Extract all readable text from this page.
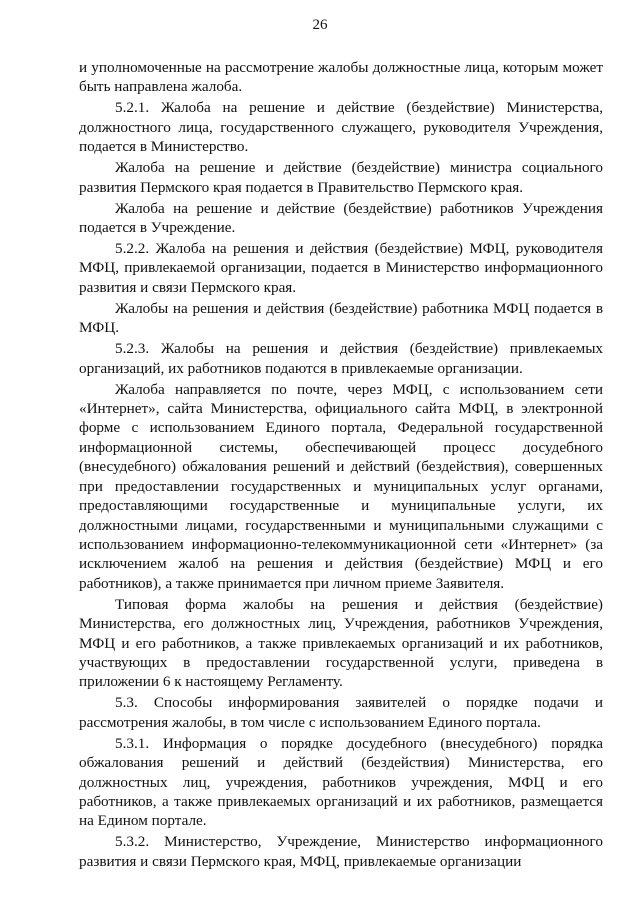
26

и уполномоченные на рассмотрение жалобы должностные лица, которым может быть направлена жалоба.

5.2.1. Жалоба на решение и действие (бездействие) Министерства, должностного лица, государственного служащего, руководителя Учреждения, подается в Министерство.

Жалоба на решение и действие (бездействие) министра социального развития Пермского края подается в Правительство Пермского края.

Жалоба на решение и действие (бездействие) работников Учреждения подается в Учреждение.

5.2.2. Жалоба на решения и действия (бездействие) МФЦ, руководителя МФЦ, привлекаемой организации, подается в Министерство информационного развития и связи Пермского края.

Жалобы на решения и действия (бездействие) работника МФЦ подается в МФЦ.

5.2.3. Жалобы на решения и действия (бездействие) привлекаемых организаций, их работников подаются в привлекаемые организации.

Жалоба направляется по почте, через МФЦ, с использованием сети «Интернет», сайта Министерства, официального сайта МФЦ, в электронной форме с использованием Единого портала, Федеральной государственной информационной системы, обеспечивающей процесс досудебного (внесудебного) обжалования решений и действий (бездействия), совершенных при предоставлении государственных и муниципальных услуг органами, предоставляющими государственные и муниципальные услуги, их должностными лицами, государственными и муниципальными служащими с использованием информационно-телекоммуникационной сети «Интернет» (за исключением жалоб на решения и действия (бездействие) МФЦ и его работников), а также принимается при личном приеме Заявителя.

Типовая форма жалобы на решения и действия (бездействие) Министерства, его должностных лиц, Учреждения, работников Учреждения, МФЦ и его работников, а также привлекаемых организаций и их работников, участвующих в предоставлении государственной услуги, приведена в приложении 6 к настоящему Регламенту.

5.3. Способы информирования заявителей о порядке подачи и рассмотрения жалобы, в том числе с использованием Единого портала.

5.3.1. Информация о порядке досудебного (внесудебного) порядка обжалования решений и действий (бездействия) Министерства, его должностных лиц, учреждения, работников учреждения, МФЦ и его работников, а также привлекаемых организаций и их работников, размещается на Едином портале.

5.3.2. Министерство, Учреждение, Министерство информационного развития и связи Пермского края, МФЦ, привлекаемые организации
